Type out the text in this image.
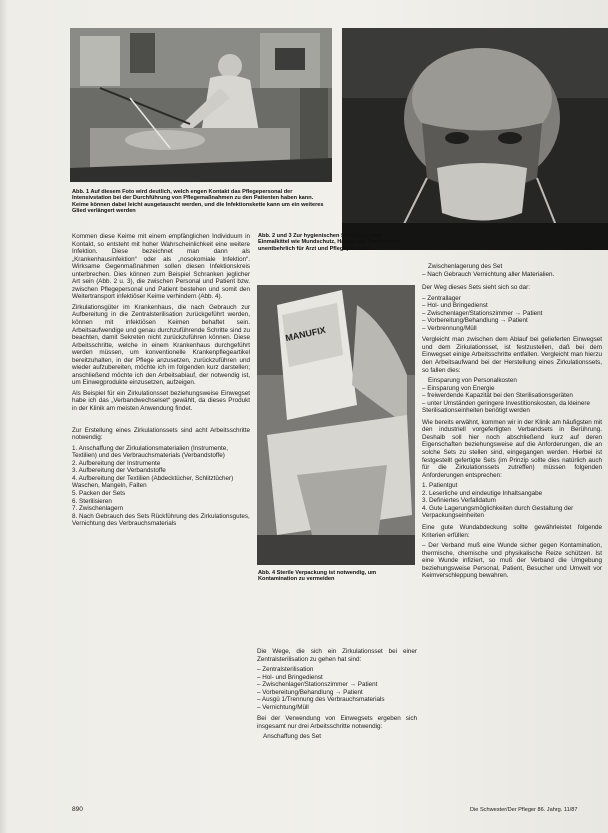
Abb. 1 Auf diesem Foto wird deutlich, welch engen Kontakt das Pflegepersonal der Intensivstation bei der Durchführung von Pflegemaßnahmen zu den Patienten haben kann. Keime können dabei leicht ausgetauscht werden, und die Infektionskette kann um ein weiteres Glied verlängert werden
Abb. 2 und 3 Zur hygienischen Sicherheit sind Einmalkittel wie Mundschutz, Haube und Handschuhe unentbehrlich für Arzt und Pflegepersonal
MANUFIX
Abb. 4 Sterile Verpackung ist notwendig, um Kontamination zu vermeiden

Kommen diese Keime mit einem empfänglichen Individuum in Kontakt, so entsteht mit hoher Wahrscheinlichkeit eine weitere Infektion. Diese bezeichnet man dann als „Krankenhausinfektion“ oder als „nosokomiale Infektion“. Wirksame Gegenmaßnahmen sollen diesen Infektionskreis unterbrechen. Dies können zum Beispiel Schranken jeglicher Art sein (Abb. 2 u. 3), die zwischen Personal und Patient bzw. zwischen Pflegepersonal und Patient bestehen und somit den Weitertransport infektiöser Keime verhindern (Abb. 4).

Zirkulationsgüter im Krankenhaus, die nach Gebrauch zur Aufbereitung in die Zentralsterilisation zurückgeführt werden, können mit infektiösen Keimen behaftet sein. Arbeitsaufwendige und genau durchzuführende Schritte sind zu beachten, damit Sekreten nicht zurückzuführen können. Diese Arbeitsschritte, welche in einem Krankenhaus durchgeführt werden müssen, um konventionelle Krankenpflegeartikel bereitzuhalten, in der Pflege anzusetzen, zurückzuführen und wieder aufzubereiten, möchte ich im folgenden kurz darstellen; anschließend möchte ich den Arbeitsablauf, der notwendig ist, um Einwegprodukte einzusetzen, aufzeigen.

Als Beispiel für ein Zirkulationsset beziehungsweise Einwegset habe ich das „Verbandwechselset“ gewählt, da dieses Produkt in der Klinik am meisten Anwendung findet.

Zur Erstellung eines Zirkulationssets sind acht Arbeitsschritte notwendig:

1. Anschaffung der Zirkulationsmaterialien (Instrumente, Textilien) und des Verbrauchsmaterials (Verbandstoffe)
2. Aufbereitung der Instrumente
3. Aufbereitung der Verbandstoffe
4. Aufbereitung der Textilien (Abdecktücher, Schlitztücher) Waschen, Mangeln, Falten
5. Packen der Sets
6. Sterilisieren
7. Zwischenlagern
8. Nach Gebrauch des Sets Rückführung des Zirkulationsgutes, Vernichtung des Verbrauchsmaterials

Die Wege, die sich ein Zirkulationsset bei einer Zentralsterilisation zu gehen hat sind:

– Zentralsterilisation
– Hol- und Bringedienst
– Zwischenlager/Stationszimmer → Patient
– Vorbereitung/Behandlung → Patient
– Ausgü 1/Trennung des Verbrauchsmaterials
– Vernichtung/Müll

Bei der Verwendung von Einwegsets ergeben sich insgesamt nur drei Arbeitsschritte notwendig:

Anschaffung des Set

Zwischenlagerung des Set
– Nach Gebrauch Vernichtung aller Materialien.

Der Weg dieses Sets sieht sich so dar:

– Zentrallager
– Hol- und Bringedienst
– Zwischenlager/Stationszimmer → Patient
– Vorbereitung/Behandlung → Patient
– Verbrennung/Müll

Vergleicht man zwischen dem Ablauf bei gelieferten Einwegset und dem Zirkulationsset, ist festzustellen, daß bei dem Einwegset einige Arbeitsschritte entfallen. Vergleicht man hierzu den Arbeitsaufwand bei der Herstellung eines Zirkulationssets, so fallen dies:

Einsparung von Personalkosten
– Einsparung von Energie
– freiwerdende Kapazität bei den Sterilisationsgeräten
– unter Umständen geringere Investitionskosten, da kleinere Sterilisationseinheiten benötigt werden

Wie bereits erwähnt, kommen wir in der Klinik am häufigsten mit den industriell vorgefertigten Verbandsets in Berührung. Deshalb soll hier noch abschließend kurz auf deren Eigenschaften beziehungsweise auf die Anforderungen, die an solche Sets zu stellen sind, eingegangen werden. Hierbei ist festgestellt gefertigte Sets (im Prinzip sollte dies natürlich auch für die Zirkulationssets zutreffen) müssen folgenden Anforderungen entsprechen:

1. Patientgut
2. Leserliche und eindeutige Inhaltsangabe
3. Definiertes Verfalldatum
4. Gute Lagerungsmöglichkeiten durch Gestaltung der Verpackungseinheiten

Eine gute Wundabdeckung sollte gewährleistet folgende Kriterien erfüllen:

– Der Verband muß eine Wunde sicher gegen Kontamination, thermische, chemische und physikalische Reize schützen. Ist eine Wunde infiziert, so muß der Verband die Umgebung beziehungsweise Personal, Patient, Besucher und Umwelt vor Keimverschleppung bewahren.

890	Die Schwester/Der Pfleger 86. Jahrg. 11/87
